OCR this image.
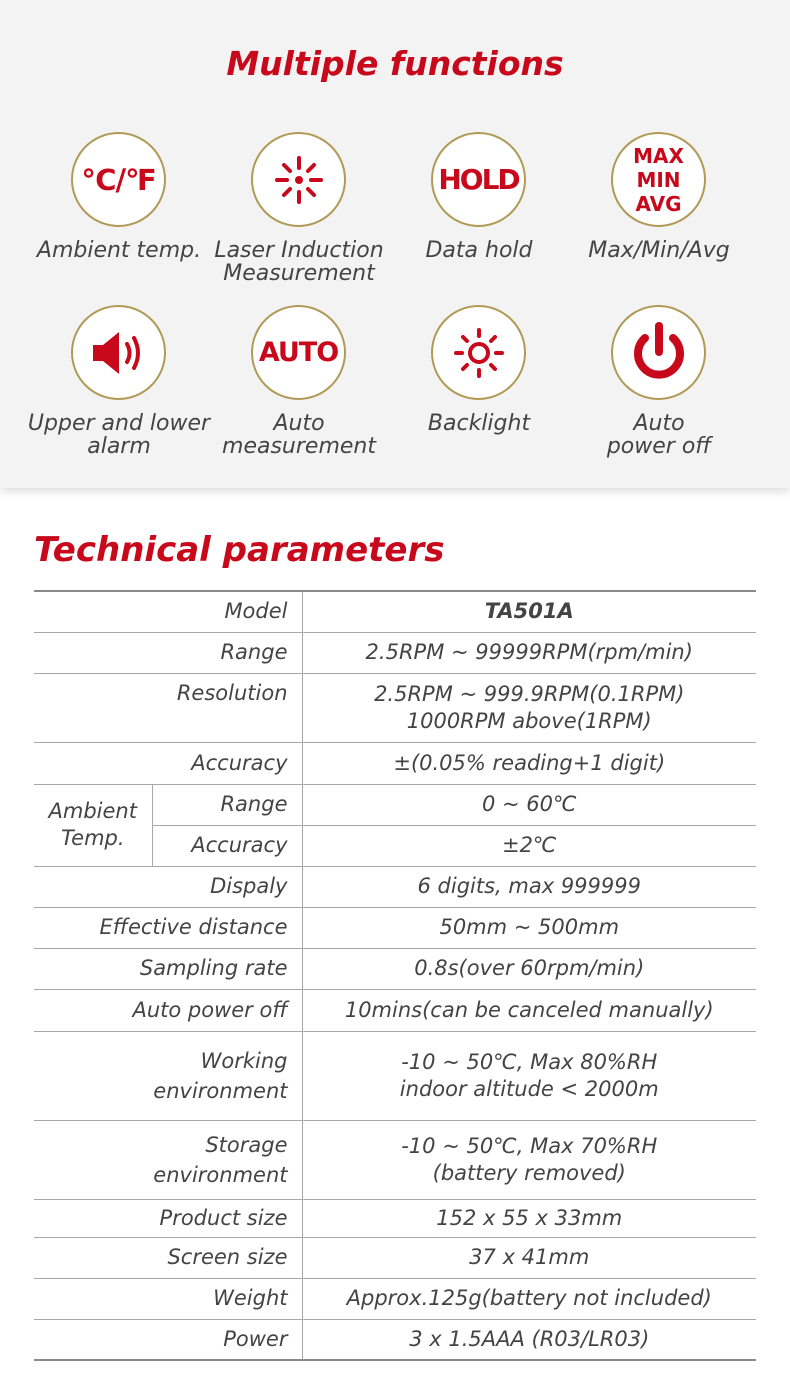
Multiple functions
℃/℉
Ambient temp. Laser Induction
Measurement
HOLD
Data hold
MAX
MIN
AVG
Max/Min/Avg
Upper and lower
alarm
AUTO
Auto
measurement
Backlight	Auto
power off
Technical parameters
Model		TA501A
Range		2.5RPM ~ 99999RPM(rpm/min)
Resolution		2.5RPM ~ 999.9RPM(0.1RPM)
1000RPM above(1RPM)
Accuracy		±(0.05% reading+1 digit)
Ambient
Temp.	Range	0 ~ 60℃
	Accuracy	±2℃
Dispaly		6 digits, max 999999
Effective distance		50mm ~ 500mm
Sampling rate		0.8s(over 60rpm/min)
Auto power off		10mins(can be canceled manually)
Working
environment		-10 ~ 50℃, Max 80%RH
indoor altitude < 2000m
Storage
environment		-10 ~ 50℃, Max 70%RH
(battery removed)
Product size		152 x 55 x 33mm
Screen size		37 x 41mm
Weight		Approx.125g(battery not included)
Power		3 x 1.5AAA (R03/LR03)
